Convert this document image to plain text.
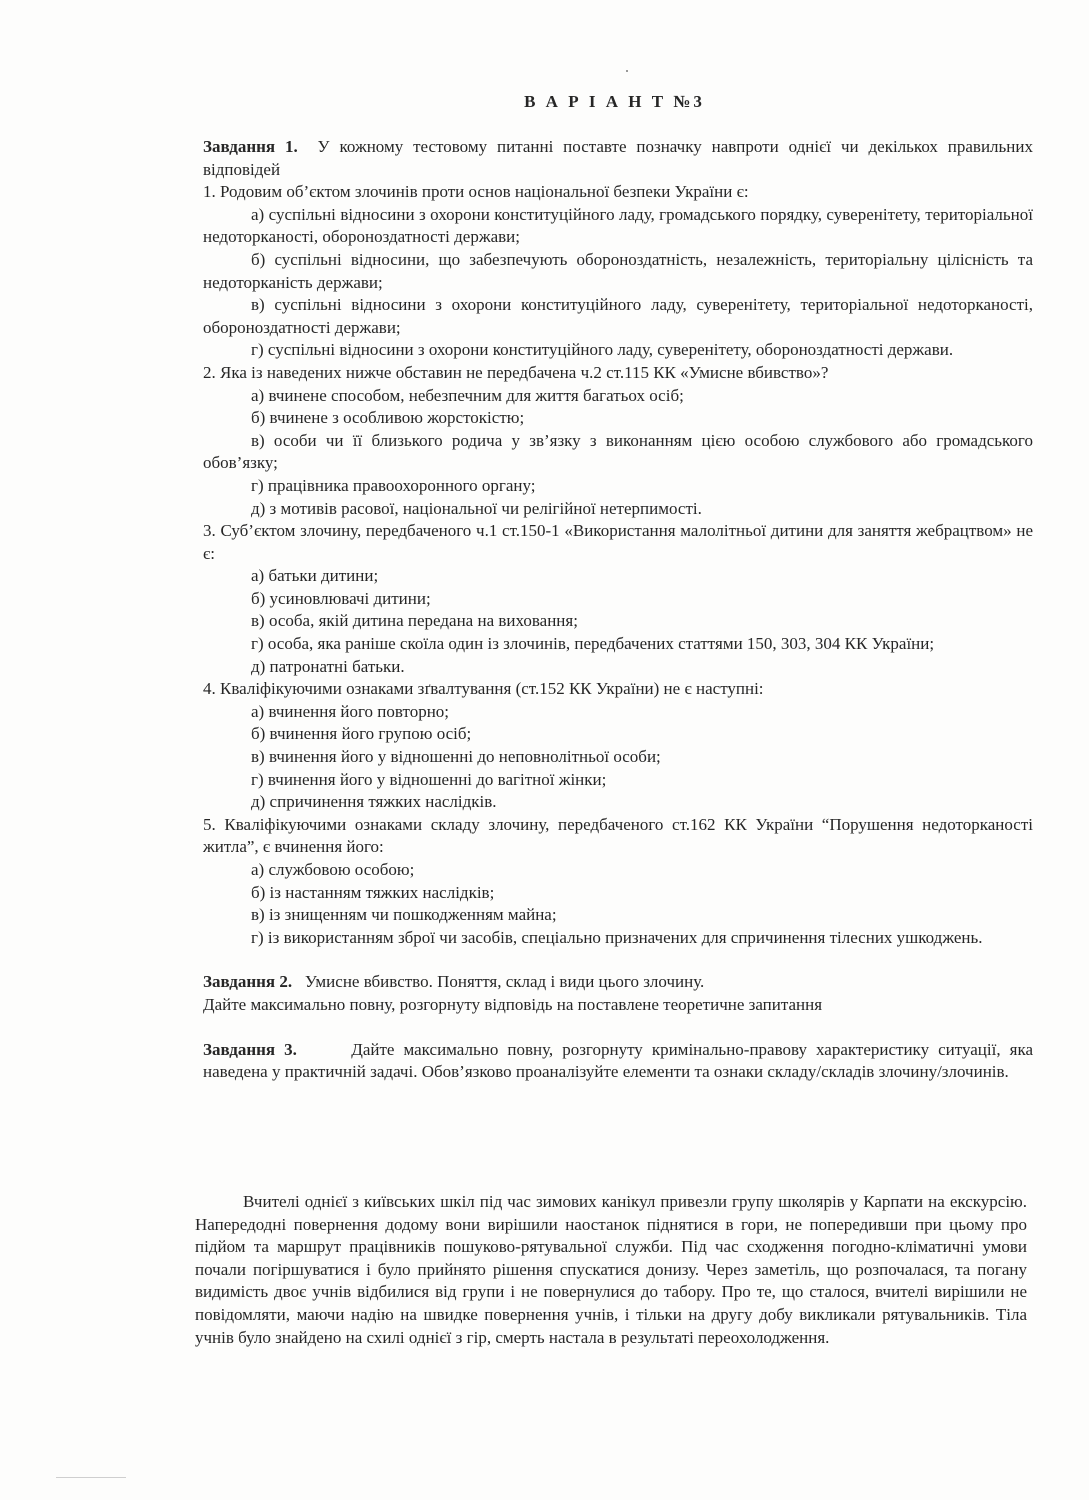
В А Р І А Н Т №3

Завдання 1. У кожному тестовому питанні поставте позначку навпроти однієї чи декількох правильних відповідей

1. Родовим об’єктом злочинів проти основ національної безпеки України є:

а) суспільні відносини з охорони конституційного ладу, громадського порядку, суверенітету, територіальної недоторканості, обороноздатності держави;

б) суспільні відносини, що забезпечують обороноздатність, незалежність, територіальну цілісність та недоторканість держави;

в) суспільні відносини з охорони конституційного ладу, суверенітету, територіальної недоторканості, обороноздатності держави;

г) суспільні відносини з охорони конституційного ладу, суверенітету, обороноздатності держави.

2. Яка із наведених нижче обставин не передбачена ч.2 ст.115 КК «Умисне вбивство»?

а) вчинене способом, небезпечним для життя багатьох осіб;

б) вчинене з особливою жорстокістю;

в) особи чи її близького родича у зв’язку з виконанням цією особою службового або громадського обов’язку;

г) працівника правоохоронного органу;

д) з мотивів расової, національної чи релігійної нетерпимості.

3. Суб’єктом злочину, передбаченого ч.1 ст.150-1 «Використання малолітньої дитини для заняття жебрацтвом» не є:

а) батьки дитини;

б) усиновлювачі дитини;

в) особа, якій дитина передана на виховання;

г) особа, яка раніше скоїла один із злочинів, передбачених статтями 150, 303, 304 КК України;

д) патронатні батьки.

4. Кваліфікуючими ознаками зґвалтування (ст.152 КК України) не є наступні:

а) вчинення його повторно;

б) вчинення його групою осіб;

в) вчинення його у відношенні до неповнолітньої особи;

г) вчинення його у відношенні до вагітної жінки;

д) спричинення тяжких наслідків.

5. Кваліфікуючими ознаками складу злочину, передбаченого ст.162 КК України “Порушення недоторканості житла”, є вчинення його:

а) службовою особою;

б) із настанням тяжких наслідків;

в) із знищенням чи пошкодженням майна;

г) із використанням зброї чи засобів, спеціально призначених для спричинення тілесних ушкоджень.

Завдання 2. Умисне вбивство. Поняття, склад і види цього злочину.

Дайте максимально повну, розгорнуту відповідь на поставлене теоретичне запитання

Завдання 3.	Дайте максимально повну, розгорнуту кримінально-правову характеристику ситуації, яка наведена у практичній задачі. Обов’язково проаналізуйте елементи та ознаки складу/складів злочину/злочинів.

Вчителі однієї з київських шкіл під час зимових канікул привезли групу школярів у Карпати на екскурсію. Напередодні повернення додому вони вирішили наостанок піднятися в гори, не попередивши при цьому про підйом та маршрут працівників пошуково-рятувальної служби. Під час сходження погодно-кліматичні умови почали погіршуватися і було прийнято рішення спускатися донизу. Через заметіль, що розпочалася, та погану видимість двоє учнів відбилися від групи і не повернулися до табору. Про те, що сталося, вчителі вирішили не повідомляти, маючи надію на швидке повернення учнів, і тільки на другу добу викликали рятувальників. Тіла учнів було знайдено на схилі однієї з гір, смерть настала в результаті переохолодження.
